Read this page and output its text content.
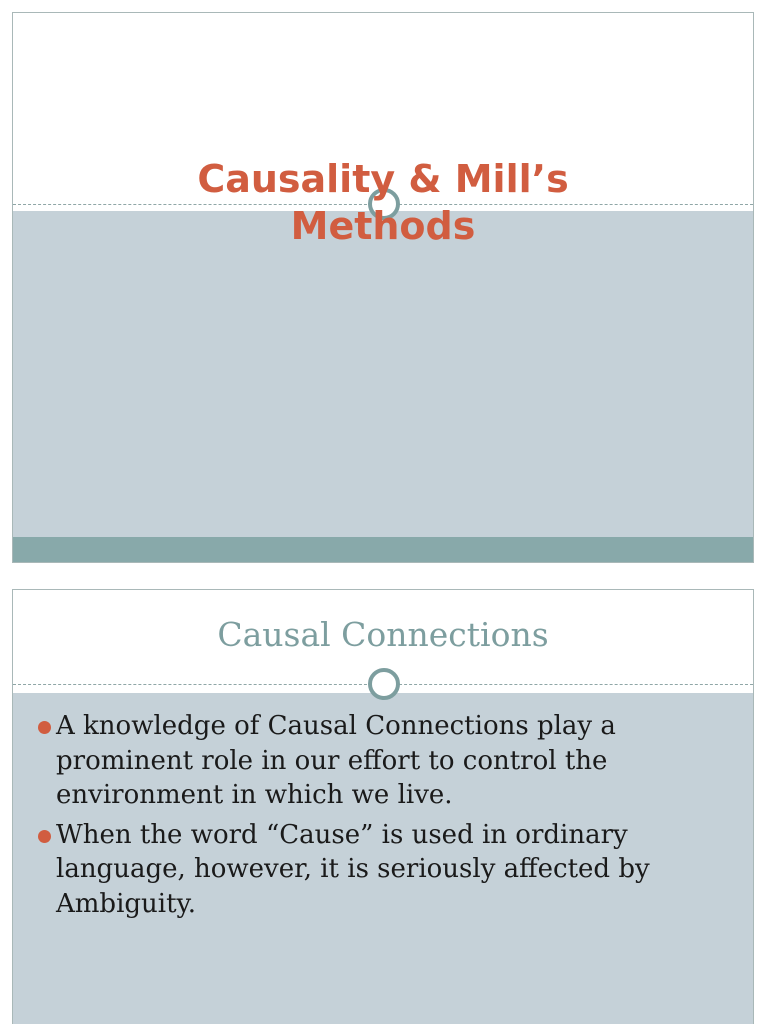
Causality & Mill’s
Methods
Causal Connections
A knowledge of Causal Connections play a prominent role in our effort to control the environment in which we live.
When the word “Cause” is used in ordinary language, however, it is seriously affected by Ambiguity.
